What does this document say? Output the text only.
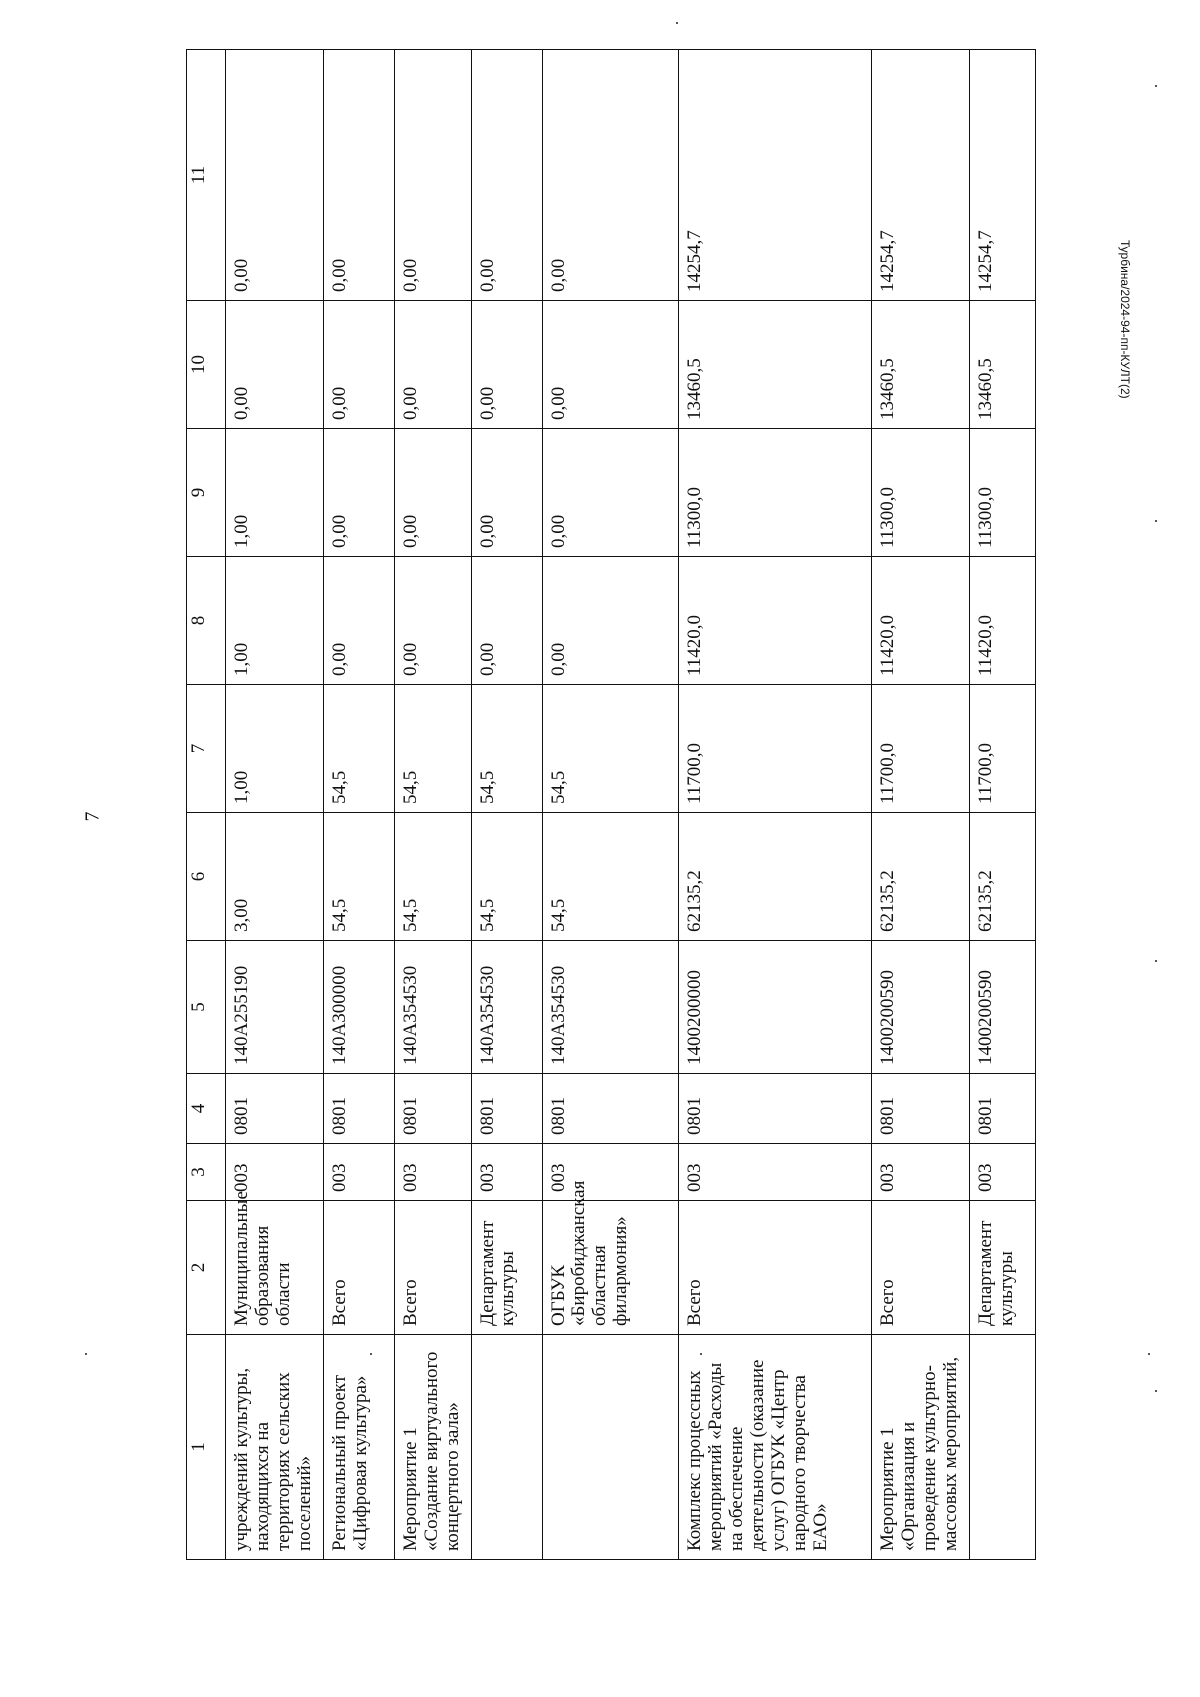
7
Турбина/2024-94-пп-КУЛТ(2)
1	2	3	4	5	6	7	8	9	10	11
учреждений культуры, находящихся на территориях сельских поселений»	Муниципальные образования области	003	0801	140А255190	3,00	1,00	1,00	1,00	0,00	0,00
Региональный проект «Цифровая культура»	Всего	003	0801	140А300000	54,5	54,5	0,00	0,00	0,00	0,00
Мероприятие 1 «Создание виртуального концертного зала»	Всего	003	0801	140А354530	54,5	54,5	0,00	0,00	0,00	0,00
	Департамент культуры	003	0801	140А354530	54,5	54,5	0,00	0,00	0,00	0,00
	ОГБУК «Биробиджанская областная филармония»	003	0801	140А354530	54,5	54,5	0,00	0,00	0,00	0,00
Комплекс процессных мероприятий «Расходы на обеспечение деятельности (оказание услуг) ОГБУК «Центр народного творчества ЕАО»	Всего	003	0801	1400200000	62135,2	11700,0	11420,0	11300,0	13460,5	14254,7
Мероприятие 1 «Организация и проведение культурно-массовых мероприятий,	Всего	003	0801	1400200590	62135,2	11700,0	11420,0	11300,0	13460,5	14254,7
	Департамент культуры	003	0801	1400200590	62135,2	11700,0	11420,0	11300,0	13460,5	14254,7
